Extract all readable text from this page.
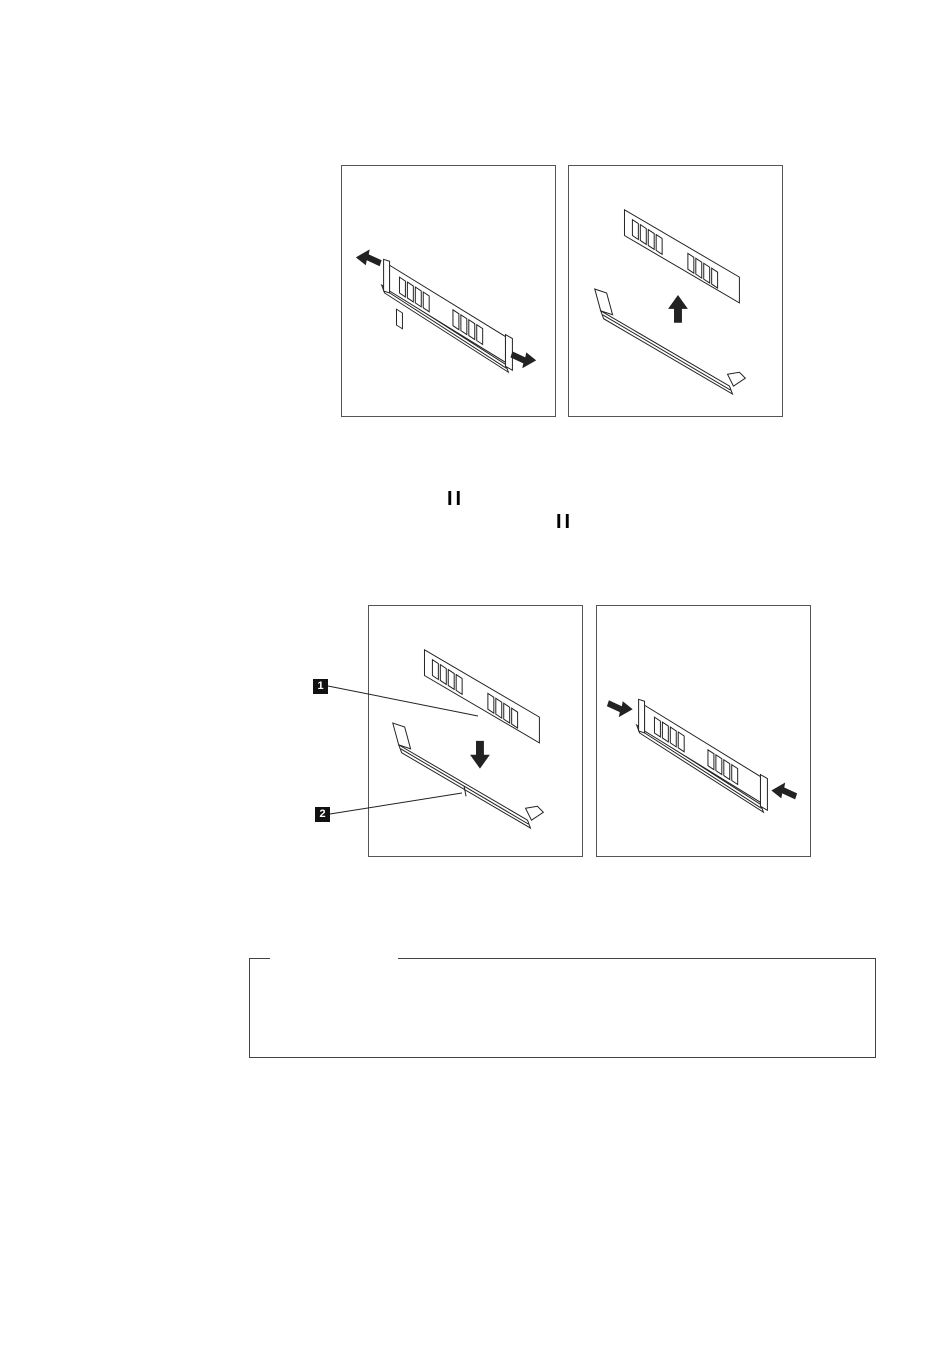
II
II
1
2
